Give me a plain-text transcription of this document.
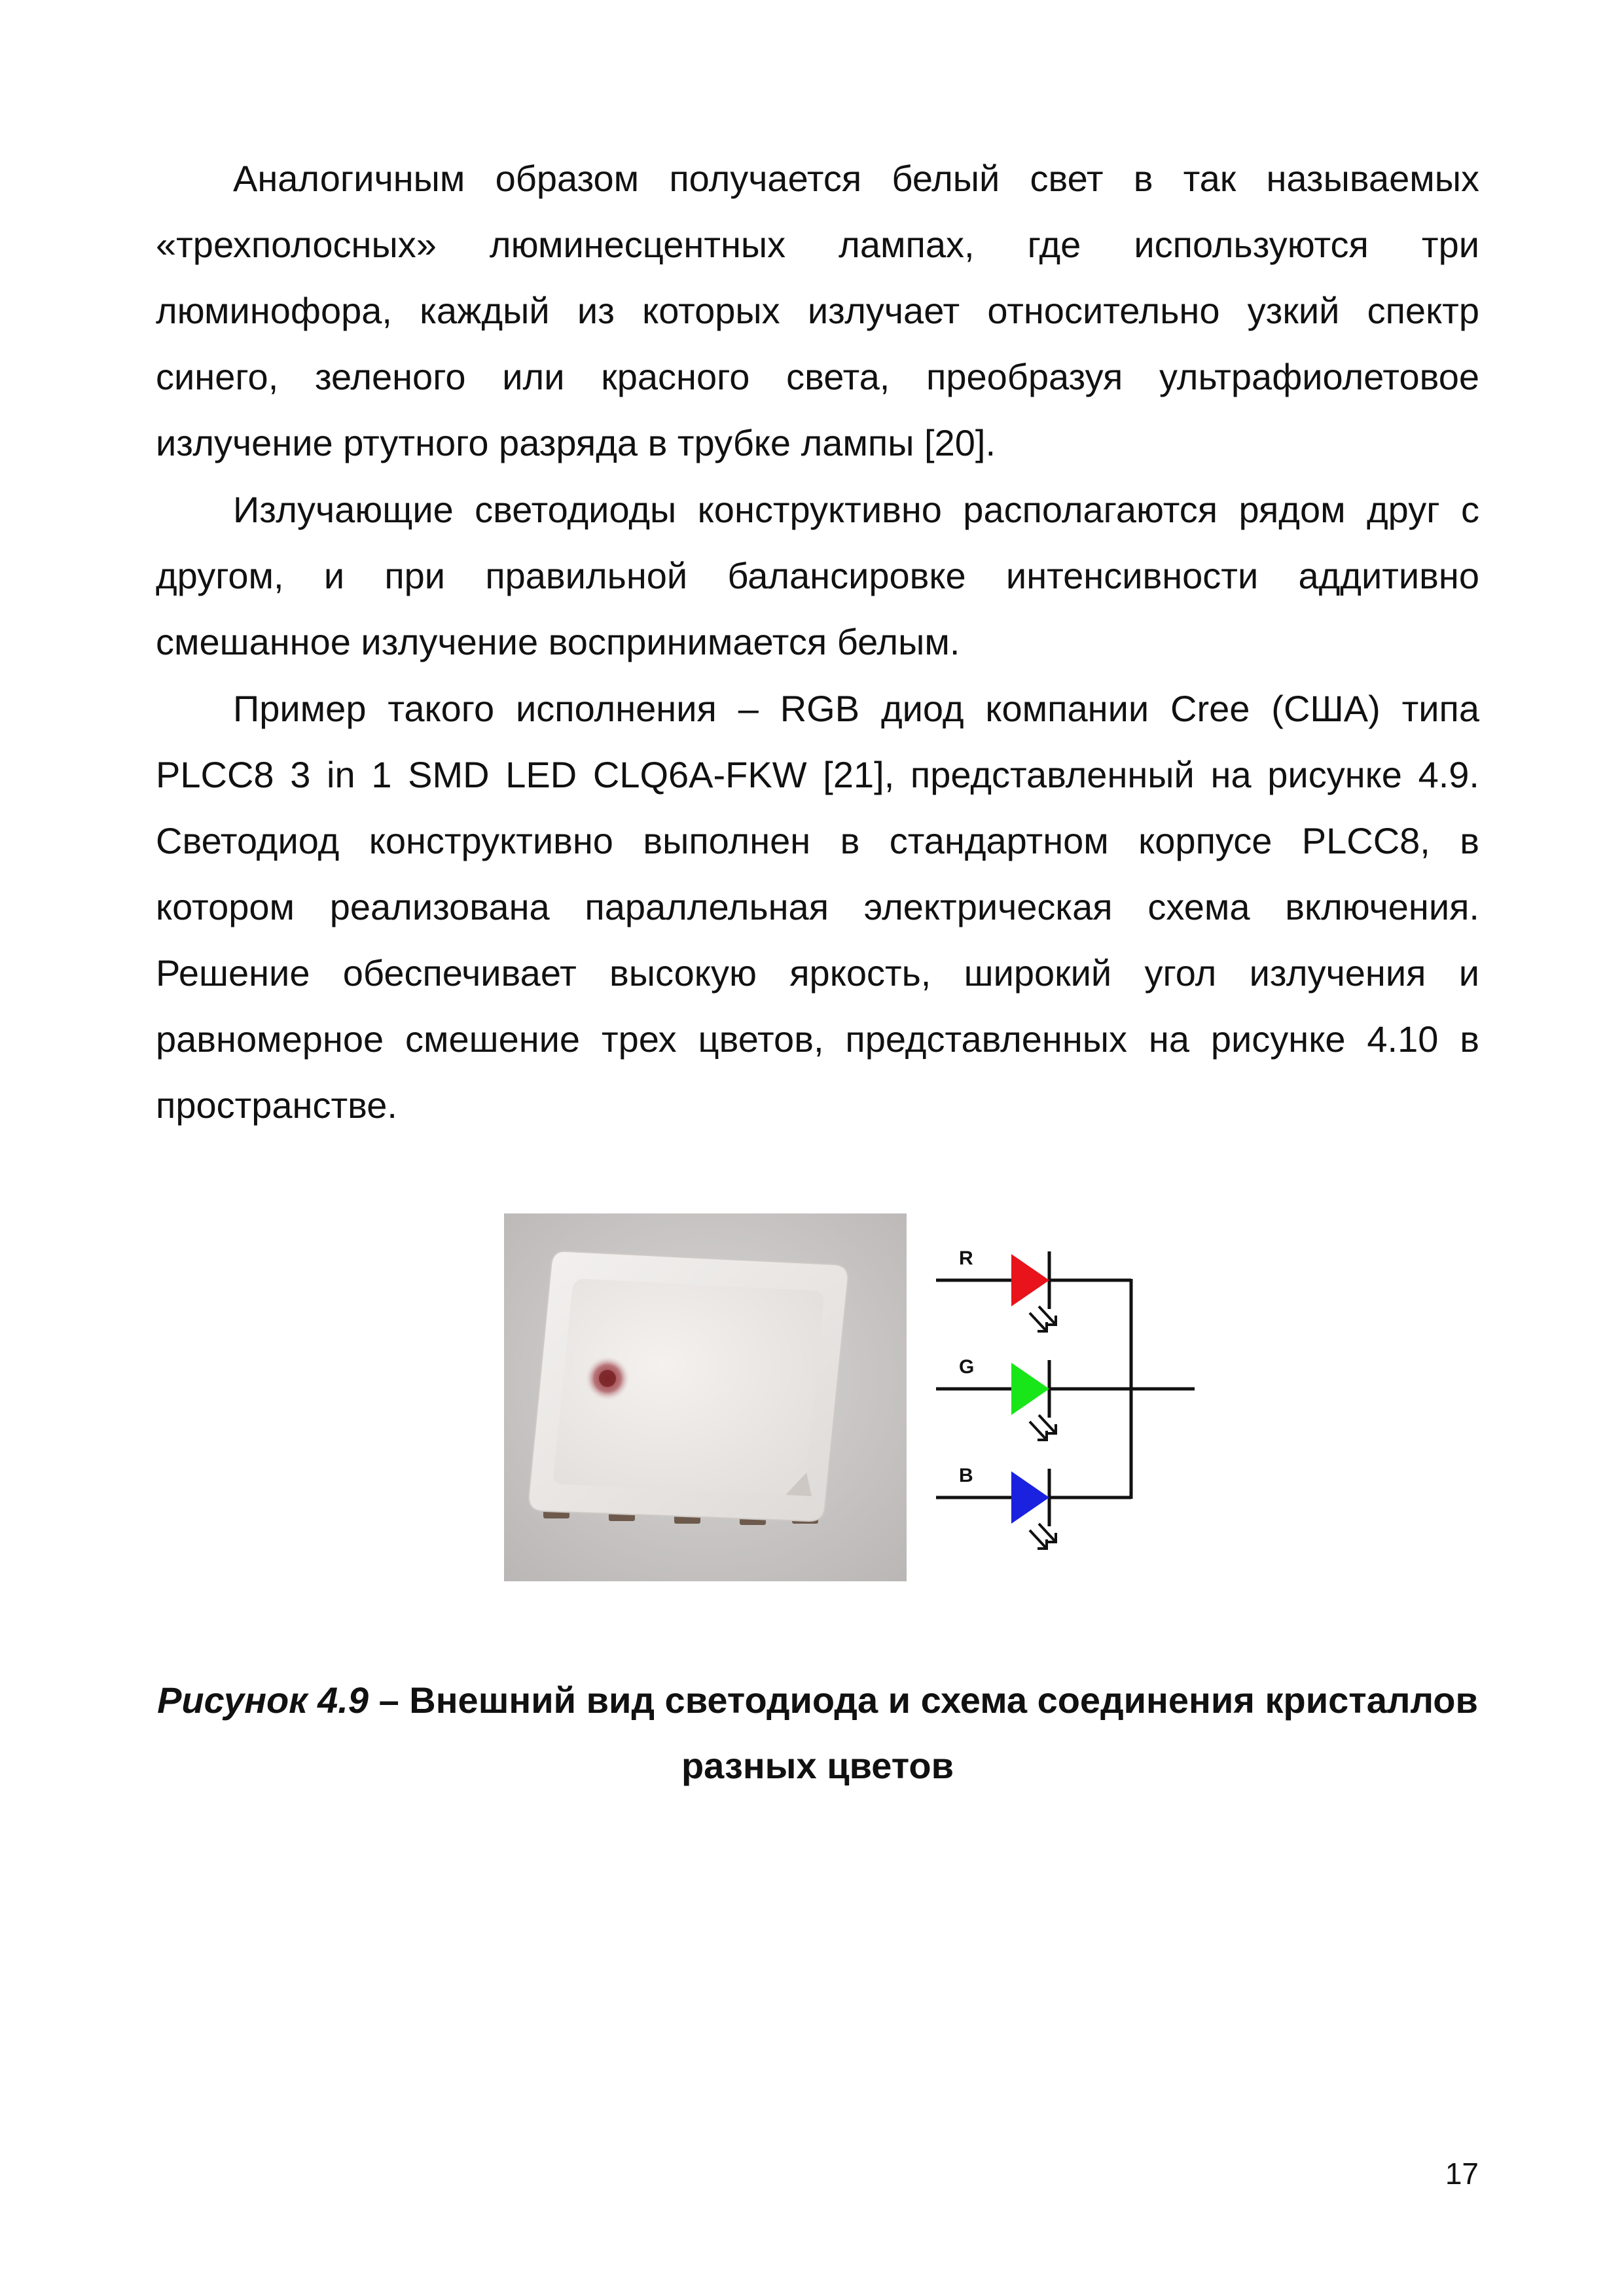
Аналогичным образом получается белый свет в так называемых «трехполосных» люминесцентных лампах, где используются три люминофора, каждый из которых излучает относительно узкий спектр синего, зеленого или красного света, преобразуя ультрафиолетовое излучение ртутного разряда в трубке лампы [20].

Излучающие светодиоды конструктивно располагаются рядом друг с другом, и при правильной балансировке интенсивности аддитивно смешанное излучение воспринимается белым.

Пример такого исполнения – RGB диод компании Cree (США) типа PLCC8 3 in 1 SMD LED CLQ6A-FKW [21], представленный на рисунке 4.9. Светодиод конструктивно выполнен в стандартном корпусе PLCC8, в котором реализована параллельная электрическая схема включения. Решение обеспечивает высокую яркость, широкий угол излучения и равномерное смешение трех цветов, представленных на рисунке 4.10 в пространстве.

R
G
B
Рисунок 4.9 – Внешний вид светодиода и схема соединения кристаллов разных цветов
17
